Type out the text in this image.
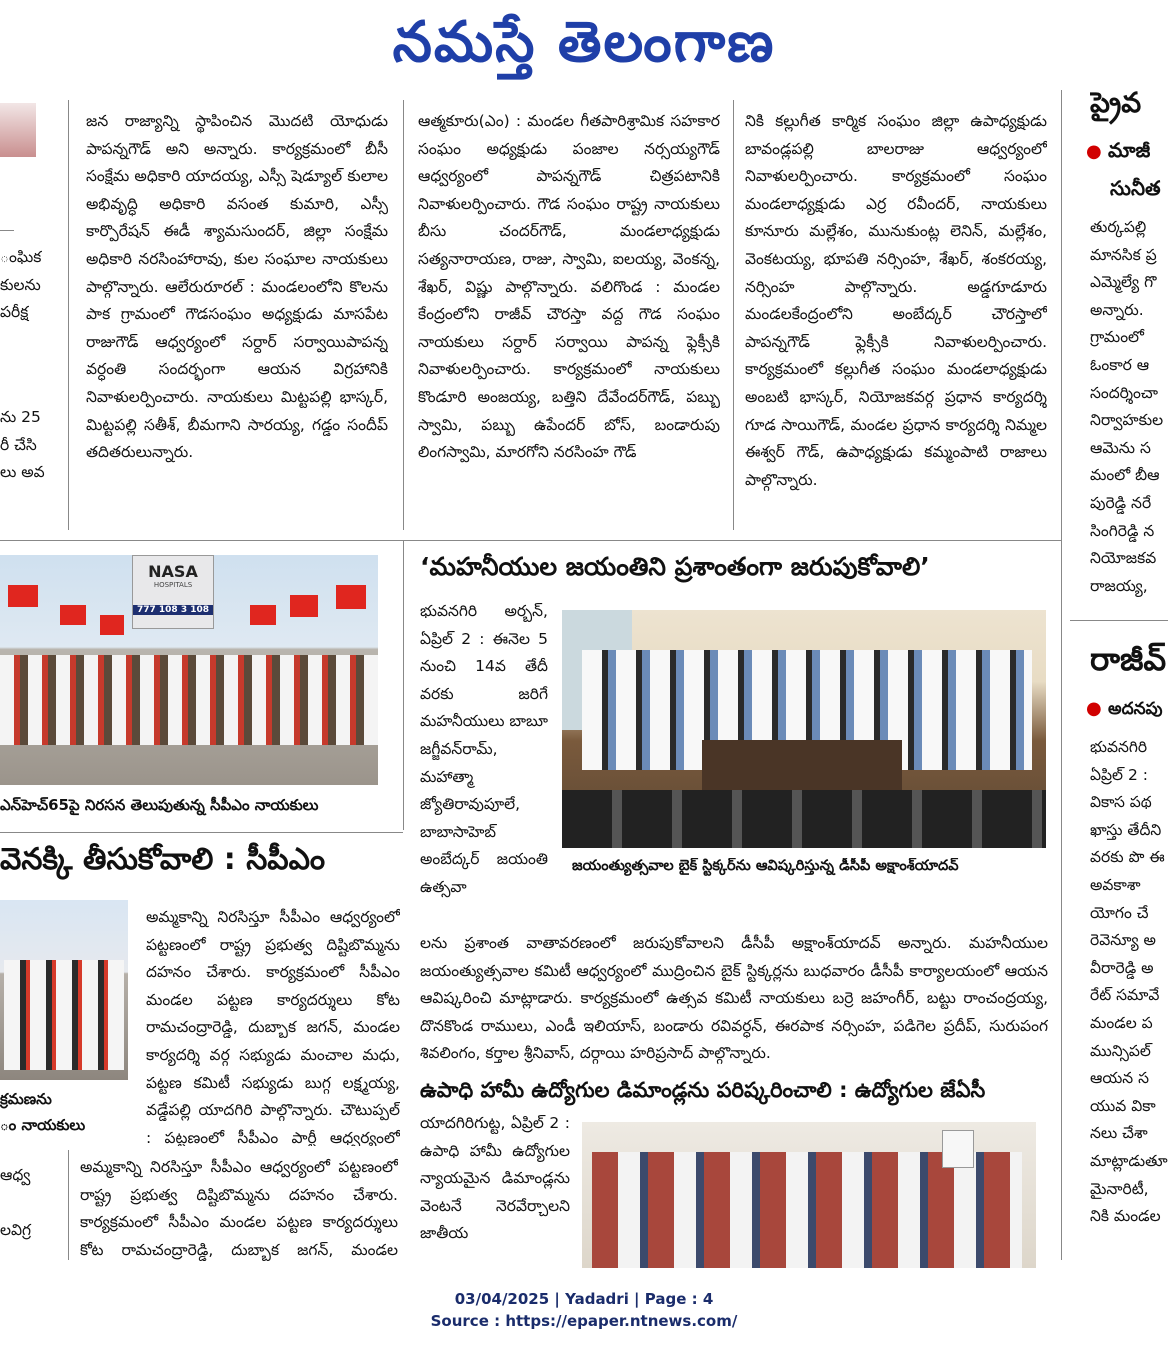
నమస్తే తెలంగాణ
ంఘిక
కులను
పరీక్ష
ను 25
రీ చేసి
లు అవ
జన రాజ్యాన్ని స్థాపించిన మొదటి యోధుడు పాపన్నగౌడ్ అని అన్నారు. కార్యక్రమంలో బీసీ సంక్షేమ అధికారి యాదయ్య, ఎస్సీ షెడ్యూల్ కులాల అభివృద్ధి అధికారి వసంత కుమారి, ఎస్సీ కార్పొరేషన్ ఈడీ శ్యామసుందర్, జిల్లా సంక్షేమ అధికారి నరసింహారావు, కుల సంఘాల నాయకులు పాల్గొన్నారు. ఆలేరురూరల్ : మండలంలోని కొలను పాక గ్రామంలో గౌడసంఘం అధ్యక్షుడు మాసపేట రాజుగౌడ్ ఆధ్వర్యంలో సర్దార్ సర్వాయిపాపన్న వర్ధంతి సందర్భంగా ఆయన విగ్రహానికి నివాళులర్పించారు. నాయకులు మిట్టపల్లి భాస్కర్, మిట్టపల్లి సతీశ్, బీమగాని సారయ్య, గడ్డం సందీప్ తదితరులున్నారు.
ఆత్మకూరు(ఎం) : మండల గీతపారిశ్రామిక సహకార సంఘం అధ్యక్షుడు పంజాల నర్సయ్యగౌడ్ ఆధ్వర్యంలో పాపన్నగౌడ్ చిత్రపటానికి నివాళులర్పించారు. గౌడ సంఘం రాష్ట్ర నాయకులు బీసు చందర్‌గౌడ్, మండలాధ్యక్షుడు సత్యనారాయణ, రాజు, స్వామి, ఐలయ్య, వెంకన్న, శేఖర్, విష్ణు పాల్గొన్నారు. వలిగొండ : మండల కేంద్రంలోని రాజీవ్ చౌరస్తా వద్ద గౌడ సంఘం నాయకులు సర్దార్ సర్వాయి పాపన్న ఫ్లెక్సీకి నివాళులర్పించారు. కార్యక్రమంలో నాయకులు కొండూరి అంజయ్య, బత్తిని దేవేందర్‌గౌడ్, పబ్బు స్వామి, పబ్బు ఉపేందర్ బోస్, బండారుపు లింగస్వామి, మారగోని నరసింహ గౌడ్
నికి కల్లుగీత కార్మిక సంఘం జిల్లా ఉపాధ్యక్షుడు బావండ్లపల్లి బాలరాజు ఆధ్వర్యంలో నివాళులర్పించారు. కార్యక్రమంలో సంఘం మండలాధ్యక్షుడు ఎర్ర రవీందర్, నాయకులు కూనూరు మల్లేశం, మునుకుంట్ల లెనిన్, మల్లేశం, వెంకటయ్య, భూపతి నర్సింహ, శేఖర్, శంకరయ్య, నర్సింహ పాల్గొన్నారు. అడ్డగూడూరు మండలకేంద్రంలోని అంబేద్కర్ చౌరస్తాలో పాపన్నగౌడ్ ఫ్లెక్సీకి నివాళులర్పించారు. కార్యక్రమంలో కల్లుగీత సంఘం మండలాధ్యక్షుడు అంబటి భాస్కర్, నియోజకవర్గ ప్రధాన కార్యదర్శి గూడ సాయిగౌడ్, మండల ప్రధాన కార్యదర్శి నిమ్మల ఈశ్వర్ గౌడ్, ఉపాధ్యక్షుడు కమ్మంపాటి రాజాలు పాల్గొన్నారు.
ప్రైవ
● మాజీ
సునీత
తుర్కపల్లి మానసిక ప్ర ఎమ్మెల్యే గొ అన్నారు. గ్రామంలో ఓంకార ఆ సందర్శించా నిర్వాహకుల ఆమెను స మంలో బీఆ పురెడ్డి నరే సింగిరెడ్డి న నియోజకవ రాజయ్య,
రాజీవ్
● అదనపు
భువనగిరి ఏప్రిల్ 2 : వికాస పథ ఖాస్తు తేదీని వరకు పొ ఈ అవకాశా యోగం చే రెవెన్యూ అ వీరారెడ్డి అ రేట్ సమావే మండల ప మున్సిపల్ ఆయన స యువ వికా నలు చేశా మాట్లాడుతూ మైనారిటీ, నికి మండల
NASA
HOSPITALS
777 108 3 108
ఎన్‌హెచ్‌65పై నిరసన తెలుపుతున్న సీపీఎం నాయకులు
వెనక్కి తీసుకోవాలి : సీపీఎం
క్రమణను
ం నాయకులు
ఆధ్వ

లవిగ్ర
అమ్మకాన్ని నిరసిస్తూ సీపీఎం ఆధ్వర్యంలో పట్టణంలో రాష్ట్ర ప్రభుత్వ దిష్టిబొమ్మను దహనం చేశారు. కార్యక్రమంలో సీపీఎం మండల పట్టణ కార్యదర్శులు కోట రామచంద్రారెడ్డి, దుబ్బాక జగన్, మండల కార్యదర్శి వర్గ సభ్యుడు మంచాల మధు, పట్టణ కమిటీ సభ్యుడు బుగ్గ లక్ష్మయ్య, వడ్డేపల్లి యాదగిరి పాల్గొన్నారు. చౌటుప్పల్ : పట్టణంలో సీపీఎం పార్టీ ఆధ్వర్యంలో
అమ్మకాన్ని నిరసిస్తూ సీపీఎం ఆధ్వర్యంలో పట్టణంలో రాష్ట్ర ప్రభుత్వ దిష్టిబొమ్మను దహనం చేశారు. కార్యక్రమంలో సీపీఎం మండల పట్టణ కార్యదర్శులు కోట రామచంద్రారెడ్డి, దుబ్బాక జగన్, మండల
‘మహనీయుల జయంతిని ప్రశాంతంగా జరుపుకోవాలి’
భువనగిరి అర్బన్, ఏప్రిల్ 2 : ఈనెల 5 నుంచి 14వ తేదీ వరకు జరిగే మహనీయులు బాబూ జగ్జీవన్‌రామ్, మహాత్మా జ్యోతిరావుపూలే, బాబాసాహెబ్ అంబేద్కర్ జయంతి ఉత్సవా
జయంత్యుత్సవాల బైక్ స్టిక్కర్‌ను ఆవిష్కరిస్తున్న డీసీపీ అక్షాంశ్‌యాదవ్
లను ప్రశాంత వాతావరణంలో జరుపుకోవాలని డీసీపీ అక్షాంశ్‌యాదవ్ అన్నారు. మహనీయుల జయంత్యుత్సవాల కమిటీ ఆధ్వర్యంలో ముద్రించిన బైక్ స్టిక్కర్లను బుధవారం డీసీపీ కార్యాలయంలో ఆయన ఆవిష్కరించి మాట్లాడారు. కార్యక్రమంలో ఉత్సవ కమిటీ నాయకులు బర్రె జహంగీర్, బట్టు రాంచంద్రయ్య, దొనకొండ రాములు, ఎండీ ఇలియాస్, బండారు రవివర్ధన్, ఈరపాక నర్సింహ, పడిగెల ప్రదీప్, సురుపంగ శివలింగం, కర్తాల శ్రీనివాస్, దర్గాయి హరిప్రసాద్ పాల్గొన్నారు.
ఉపాధి హామీ ఉద్యోగుల డిమాండ్లను పరిష్కరించాలి : ఉద్యోగుల జేఏసీ
యాదగిరిగుట్ట, ఏప్రిల్ 2 : ఉపాధి హామీ ఉద్యోగుల న్యాయమైన డిమాండ్లను వెంటనే నెరవేర్చాలని జాతీయ
03/04/2025 | Yadadri | Page : 4
Source : https://epaper.ntnews.com/
